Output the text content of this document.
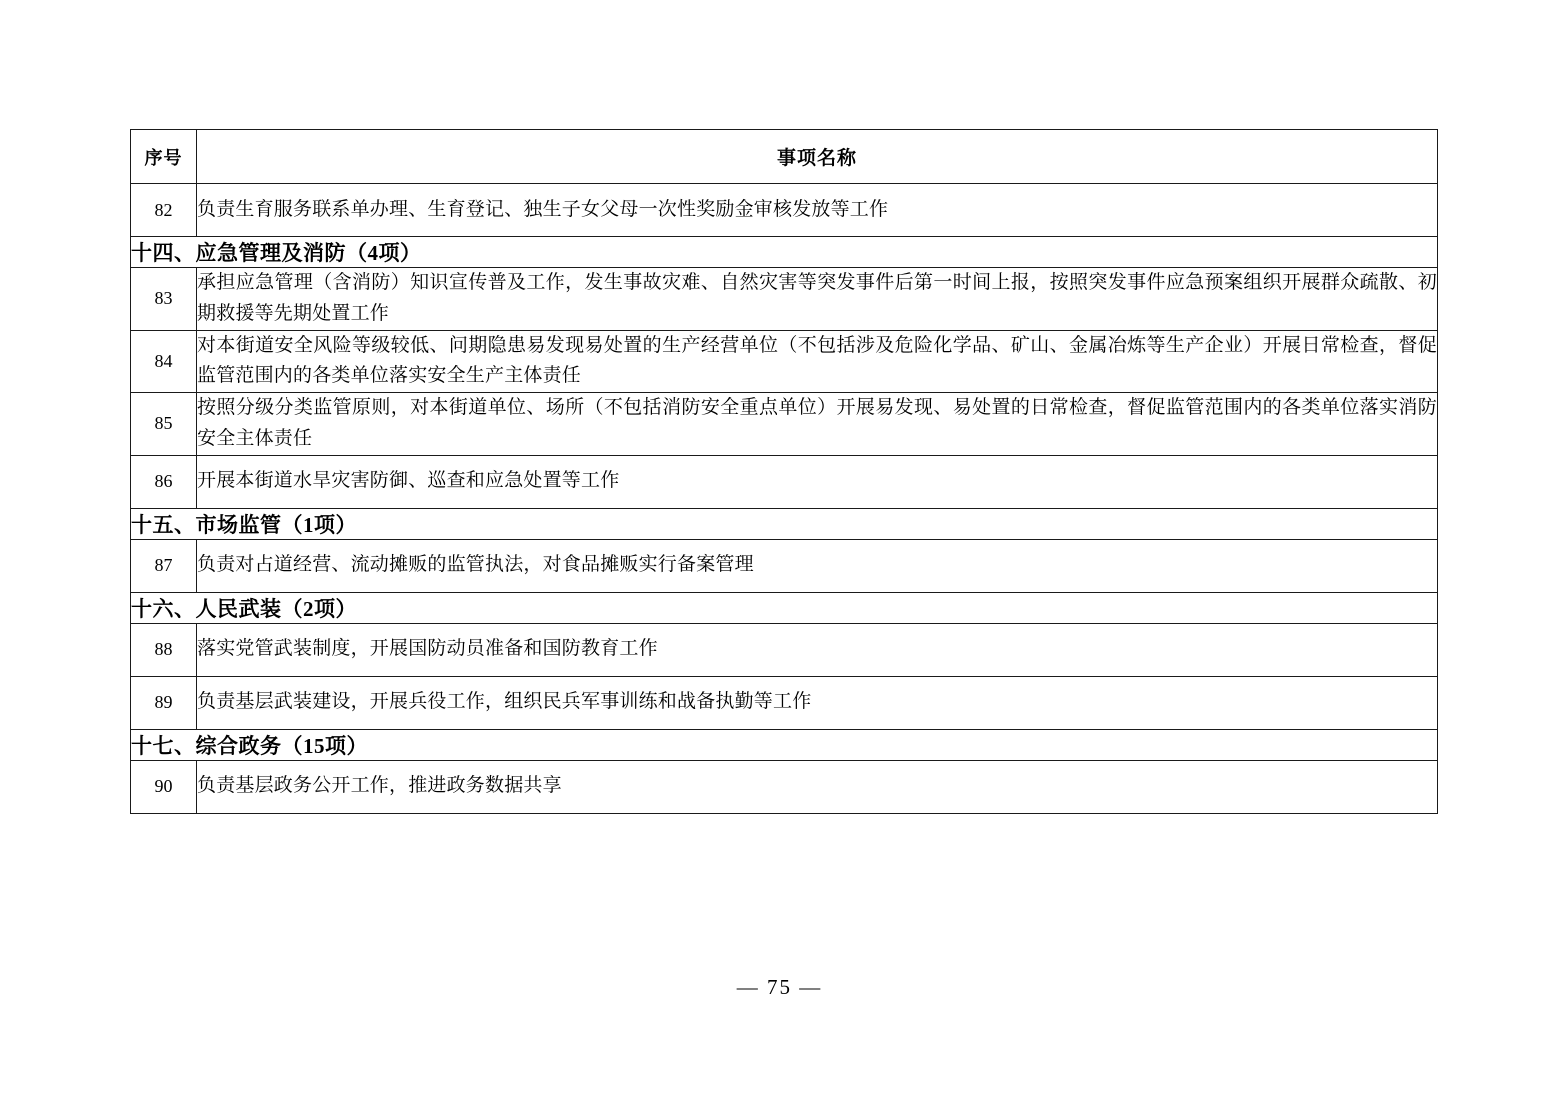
序号	事项名称
82	负责生育服务联系单办理、生育登记、独生子女父母一次性奖励金审核发放等工作
十四、应急管理及消防（4项）	
83	承担应急管理（含消防）知识宣传普及工作，发生事故灾难、自然灾害等突发事件后第一时间上报，按照突发事件应急预案组织开展群众疏散、初期救援等先期处置工作
84	对本街道安全风险等级较低、问期隐患易发现易处置的生产经营单位（不包括涉及危险化学品、矿山、金属冶炼等生产企业）开展日常检查，督促监管范围内的各类单位落实安全生产主体责任
85	按照分级分类监管原则，对本街道单位、场所（不包括消防安全重点单位）开展易发现、易处置的日常检查，督促监管范围内的各类单位落实消防安全主体责任
86	开展本街道水旱灾害防御、巡查和应急处置等工作
十五、市场监管（1项）	
87	负责对占道经营、流动摊贩的监管执法，对食品摊贩实行备案管理
十六、人民武装（2项）	
88	落实党管武装制度，开展国防动员准备和国防教育工作
89	负责基层武装建设，开展兵役工作，组织民兵军事训练和战备执勤等工作
十七、综合政务（15项）	
90	负责基层政务公开工作，推进政务数据共享
— 75 —
